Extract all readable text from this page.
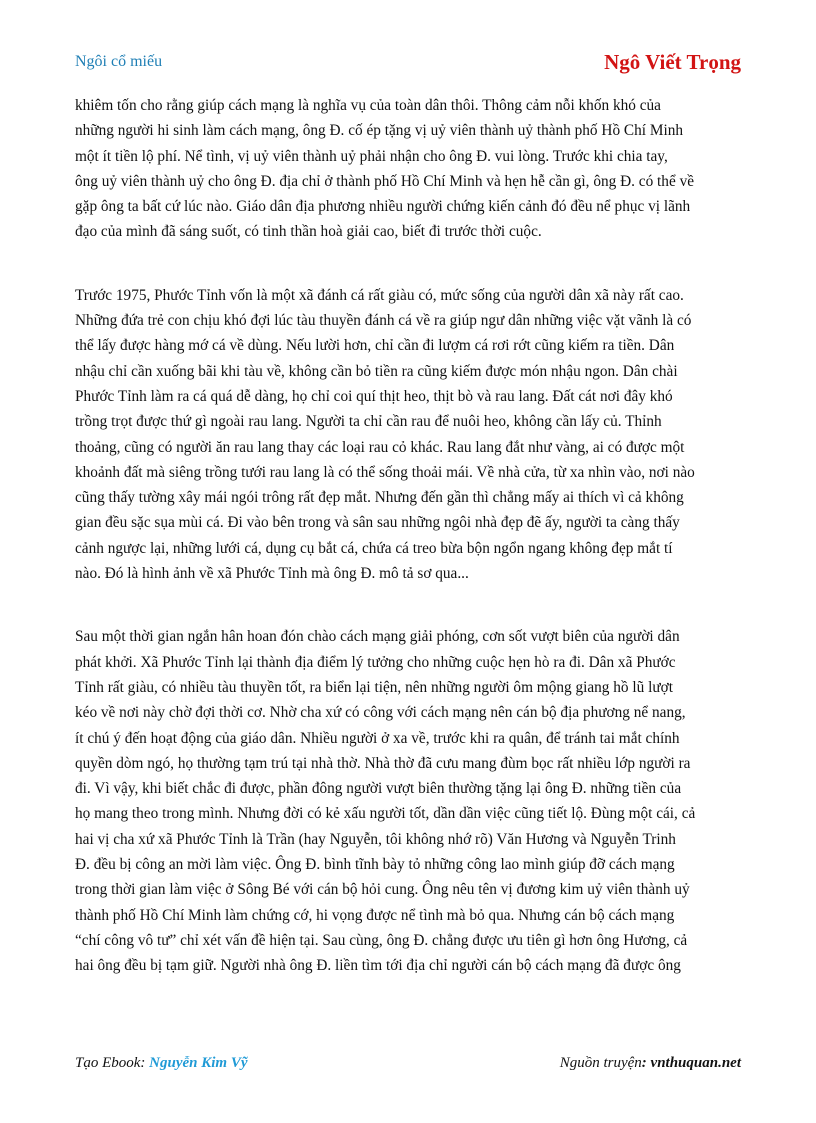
Ngôi cổ miếu	Ngô Viết Trọng

khiêm tốn cho rằng giúp cách mạng là nghĩa vụ của toàn dân thôi. Thông cảm nỗi khốn khó của
những người hi sinh làm cách mạng, ông Đ. cố ép tặng vị uỷ viên thành uỷ thành phố Hồ Chí Minh
một ít tiền lộ phí. Nể tình, vị uỷ viên thành uỷ phải nhận cho ông Đ. vui lòng. Trước khi chia tay,
ông uỷ viên thành uỷ cho ông Đ. địa chỉ ở thành phố Hồ Chí Minh và hẹn hễ cần gì, ông Đ. có thể về
gặp ông ta bất cứ lúc nào. Giáo dân địa phương nhiều người chứng kiến cảnh đó đều nể phục vị lãnh
đạo của mình đã sáng suốt, có tinh thần hoà giải cao, biết đi trước thời cuộc.

Trước 1975, Phước Tỉnh vốn là một xã đánh cá rất giàu có, mức sống của người dân xã này rất cao.
Những đứa trẻ con chịu khó đợi lúc tàu thuyền đánh cá về ra giúp ngư dân những việc vặt vãnh là có
thể lấy được hàng mớ cá về dùng. Nếu lười hơn, chỉ cần đi lượm cá rơi rớt cũng kiếm ra tiền. Dân
nhậu chỉ cần xuống bãi khi tàu về, không cần bỏ tiền ra cũng kiếm được món nhậu ngon. Dân chài
Phước Tỉnh làm ra cá quá dễ dàng, họ chỉ coi quí thịt heo, thịt bò và rau lang. Đất cát nơi đây khó
trồng trọt được thứ gì ngoài rau lang. Người ta chỉ cần rau để nuôi heo, không cần lấy củ. Thỉnh
thoảng, cũng có người ăn rau lang thay các loại rau cỏ khác. Rau lang đắt như vàng, ai có được một
khoảnh đất mà siêng trồng tưới rau lang là có thể sống thoải mái. Về nhà cửa, từ xa nhìn vào, nơi nào
cũng thấy tường xây mái ngói trông rất đẹp mắt. Nhưng đến gần thì chẳng mấy ai thích vì cả không
gian đều sặc sụa mùi cá. Đi vào bên trong và sân sau những ngôi nhà đẹp đẽ ấy, người ta càng thấy
cảnh ngược lại, những lưới cá, dụng cụ bắt cá, chứa cá treo bừa bộn ngổn ngang không đẹp mắt tí
nào. Đó là hình ảnh về xã Phước Tỉnh mà ông Đ. mô tả sơ qua...

Sau một thời gian ngắn hân hoan đón chào cách mạng giải phóng, cơn sốt vượt biên của người dân
phát khởi. Xã Phước Tỉnh lại thành địa điểm lý tưởng cho những cuộc hẹn hò ra đi. Dân xã Phước
Tỉnh rất giàu, có nhiều tàu thuyền tốt, ra biển lại tiện, nên những người ôm mộng giang hồ lũ lượt
kéo về nơi này chờ đợi thời cơ. Nhờ cha xứ có công với cách mạng nên cán bộ địa phương nể nang,
ít chú ý đến hoạt động của giáo dân. Nhiều người ở xa về, trước khi ra quân, để tránh tai mắt chính
quyền dòm ngó, họ thường tạm trú tại nhà thờ. Nhà thờ đã cưu mang đùm bọc rất nhiều lớp người ra
đi. Vì vậy, khi biết chắc đi được, phần đông người vượt biên thường tặng lại ông Đ. những tiền của
họ mang theo trong mình. Nhưng đời có kẻ xấu người tốt, dần dần việc cũng tiết lộ. Đùng một cái, cả
hai vị cha xứ xã Phước Tỉnh là Trần (hay Nguyễn, tôi không nhớ rõ) Văn Hương và Nguyễn Trinh
Đ. đều bị công an mời làm việc. Ông Đ. bình tĩnh bày tỏ những công lao mình giúp đỡ cách mạng
trong thời gian làm việc ở Sông Bé với cán bộ hỏi cung. Ông nêu tên vị đương kim uỷ viên thành uỷ
thành phố Hồ Chí Minh làm chứng cớ, hi vọng được nể tình mà bỏ qua. Nhưng cán bộ cách mạng
“chí công vô tư” chỉ xét vấn đề hiện tại. Sau cùng, ông Đ. chẳng được ưu tiên gì hơn ông Hương, cả
hai ông đều bị tạm giữ. Người nhà ông Đ. liền tìm tới địa chỉ người cán bộ cách mạng đã được ông

Tạo Ebook: Nguyễn Kim Vỹ	Nguồn truyện: vnthuquan.net
